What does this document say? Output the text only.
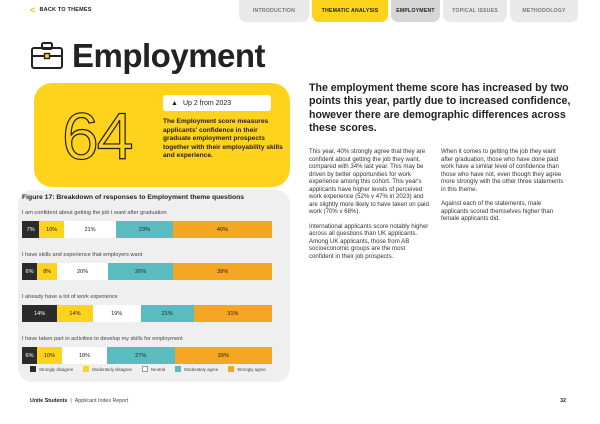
< BACK TO THEMES	INTRODUCTION	THEMATIC ANALYSIS	EMPLOYMENT	TOPICAL ISSUES	METHODOLOGY
Employment
64	▲ Up 2 from 2023
The Employment score measures applicants' confidence in their graduate employment prospects together with their employability skills and experience.
The employment theme score has increased by two points this year, partly due to increased confidence, however there are demographic differences across these scores.

This year, 40% strongly agree that they are confident about getting the job they want, compared with 34% last year. This may be driven by better opportunities for work experience among this cohort. This year's applicants have higher levels of perceived work experience (52% v 47% in 2023) and are slightly more likely to have taken on paid work (70% v 68%).

International applicants score notably higher across all questions than UK applicants. Among UK applicants, those from AB socioeconomic groups are the most confident in their job prospects.

When it comes to getting the job they want after graduation, those who have done paid work have a similar level of confidence than those who have not, even though they agree more strongly with the other three statements in this theme.

Against each of the statements, male applicants scored themselves higher than female applicants did.

Figure 17: Breakdown of responses to Employment theme questions
I am confident about getting the job I want after graduation
7%	10%	21%	23%	40%
I have skills and experience that employers want
6%	8%	20%	26%	39%
I already have a lot of work experience
14%	14%	19%	21%	31%
I have taken part in activities to develop my skills for employment
6%	10%	18%	27%	39%
Strongly disagree	Moderately disagree	Neutral	Moderately agree	Strongly agree
Unite Students | Applicant Index Report	32
